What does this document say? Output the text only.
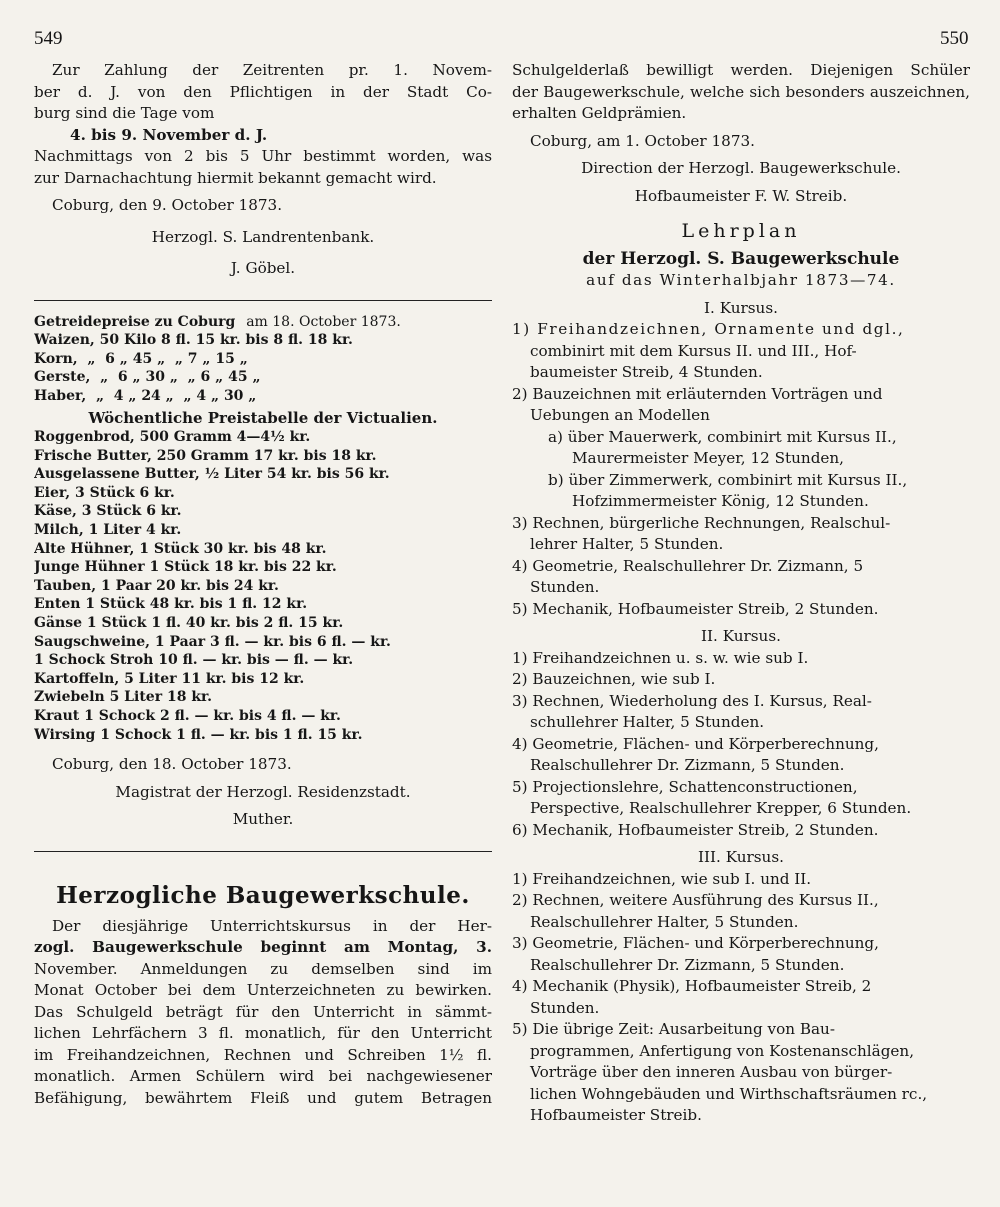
549	550
Zur Zahlung der Zeitrenten pr. 1. Novem-
ber d. J. von den Pflichtigen in der Stadt Co-
burg sind die Tage vom
4. bis 9. November d. J.
Nachmittags von 2 bis 5 Uhr bestimmt worden, was
zur Darnachachtung hiermit bekannt gemacht wird.
Coburg, den 9. October 1873.
Herzogl. S. Landrentenbank.
J. Göbel.
Getreidepreise zu Coburg am 18. October 1873.
Waizen, 50 Kilo 8 fl. 15 kr. bis 8 fl. 18 kr.
Korn,  „  6 „ 45 „  „ 7 „ 15 „
Gerste,  „  6 „ 30 „  „ 6 „ 45 „
Haber,  „  4 „ 24 „  „ 4 „ 30 „
Wöchentliche Preistabelle der Victualien.
Roggenbrod, 500 Gramm 4—4½ kr.
Frische Butter, 250 Gramm 17 kr. bis 18 kr.
Ausgelassene Butter, ½ Liter 54 kr. bis 56 kr.
Eier, 3 Stück 6 kr.
Käse, 3 Stück 6 kr.
Milch, 1 Liter 4 kr.
Alte Hühner, 1 Stück 30 kr. bis 48 kr.
Junge Hühner 1 Stück 18 kr. bis 22 kr.
Tauben, 1 Paar 20 kr. bis 24 kr.
Enten 1 Stück 48 kr. bis 1 fl. 12 kr.
Gänse 1 Stück 1 fl. 40 kr. bis 2 fl. 15 kr.
Saugschweine, 1 Paar 3 fl. — kr. bis 6 fl. — kr.
1 Schock Stroh 10 fl. — kr. bis — fl. — kr.
Kartoffeln, 5 Liter 11 kr. bis 12 kr.
Zwiebeln 5 Liter 18 kr.
Kraut 1 Schock 2 fl. — kr. bis 4 fl. — kr.
Wirsing 1 Schock 1 fl. — kr. bis 1 fl. 15 kr.
Coburg, den 18. October 1873.
Magistrat der Herzogl. Residenzstadt.
Muther.
Herzogliche Baugewerkschule.
Der diesjährige Unterrichtskursus in der Her-
zogl. Baugewerkschule beginnt am Montag, 3.
November. Anmeldungen zu demselben sind im
Monat October bei dem Unterzeichneten zu bewirken.
Das Schulgeld beträgt für den Unterricht in sämmt-
lichen Lehrfächern 3 fl. monatlich, für den Unterricht
im Freihandzeichnen, Rechnen und Schreiben 1½ fl.
monatlich. Armen Schülern wird bei nachgewiesener
Befähigung, bewährtem Fleiß und gutem Betragen
Schulgelderlaß bewilligt werden. Diejenigen Schüler
der Baugewerkschule, welche sich besonders auszeichnen,
erhalten Geldprämien.
Coburg, am 1. October 1873.
Direction der Herzogl. Baugewerkschule.
Hofbaumeister F. W. Streib.
Lehrplan
der Herzogl. S. Baugewerkschule
auf das Winterhalbjahr 1873—74.
I. Kursus.
1) Freihandzeichnen, Ornamente und dgl.,
combinirt mit dem Kursus II. und III., Hof-
baumeister Streib, 4 Stunden.
2) Bauzeichnen mit erläuternden Vorträgen und
Uebungen an Modellen
a) über Mauerwerk, combinirt mit Kursus II.,
Maurermeister Meyer, 12 Stunden,
b) über Zimmerwerk, combinirt mit Kursus II.,
Hofzimmermeister König, 12 Stunden.
3) Rechnen, bürgerliche Rechnungen, Realschul-
lehrer Halter, 5 Stunden.
4) Geometrie, Realschullehrer Dr. Zizmann, 5
Stunden.
5) Mechanik, Hofbaumeister Streib, 2 Stunden.
II. Kursus.
1) Freihandzeichnen u. s. w. wie sub I.
2) Bauzeichnen, wie sub I.
3) Rechnen, Wiederholung des I. Kursus, Real-
schullehrer Halter, 5 Stunden.
4) Geometrie, Flächen- und Körperberechnung,
Realschullehrer Dr. Zizmann, 5 Stunden.
5) Projectionslehre, Schattenconstructionen,
Perspective, Realschullehrer Krepper, 6 Stunden.
6) Mechanik, Hofbaumeister Streib, 2 Stunden.
III. Kursus.
1) Freihandzeichnen, wie sub I. und II.
2) Rechnen, weitere Ausführung des Kursus II.,
Realschullehrer Halter, 5 Stunden.
3) Geometrie, Flächen- und Körperberechnung,
Realschullehrer Dr. Zizmann, 5 Stunden.
4) Mechanik (Physik), Hofbaumeister Streib, 2
Stunden.
5) Die übrige Zeit: Ausarbeitung von Bau-
programmen, Anfertigung von Kostenanschlägen,
Vorträge über den inneren Ausbau von bürger-
lichen Wohngebäuden und Wirthschaftsräumen rc.,
Hofbaumeister Streib.
